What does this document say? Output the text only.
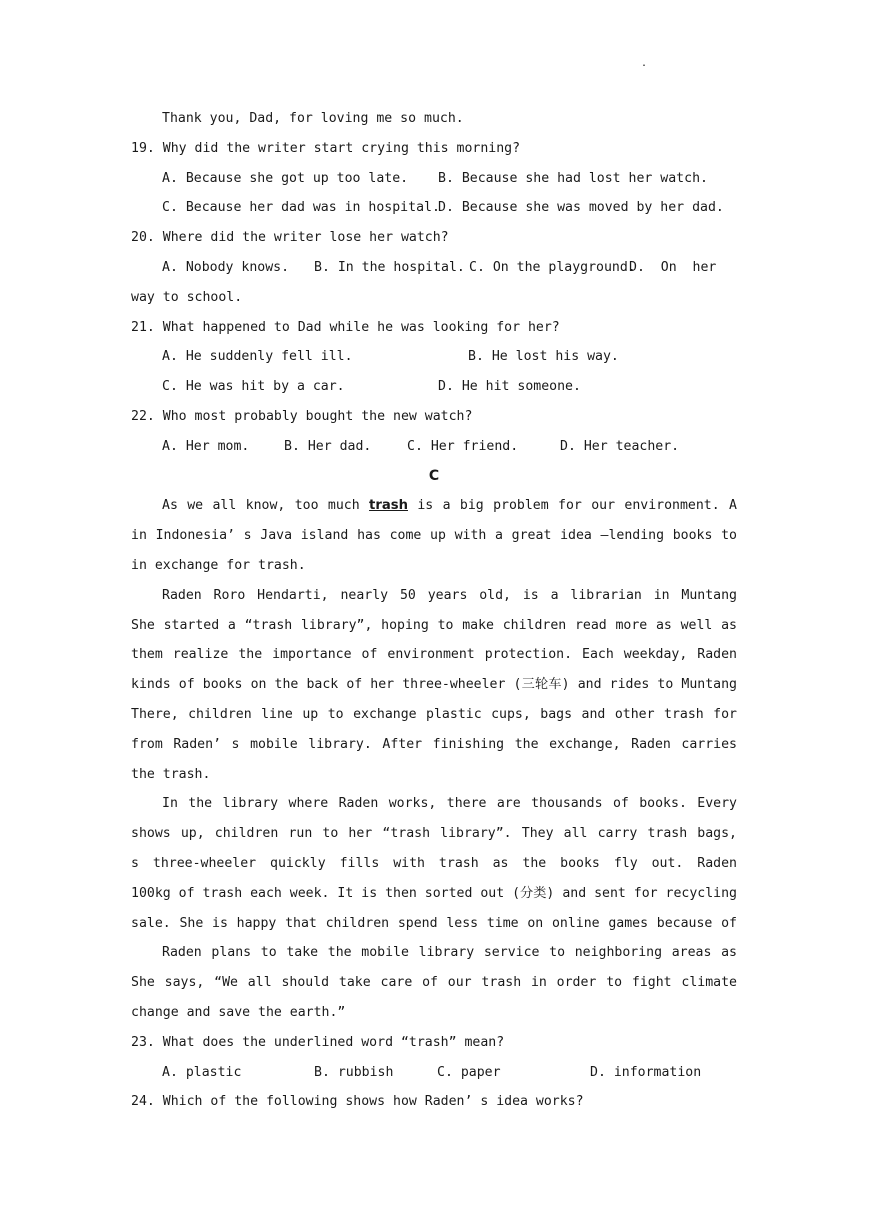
.
Thank you, Dad, for loving me so much.
19. Why did the writer start crying this morning?
A. Because she got up too late.	B. Because she had lost her watch.
C. Because her dad was in hospital.
D. Because she was moved by her dad.
20. Where did the writer lose her watch?
A. Nobody knows.	B. In the hospital. C. On the playground.
D.  On  her
way to school.
21. What happened to Dad while he was looking for her?
A. He suddenly fell ill.	B. He lost his way.
C. He was hit by a car.	D. He hit someone.
22. Who most probably bought the new watch?
A. Her mom.	B. Her dad.	C. Her friend.	D. Her teacher.
C
As we all know, too much trash is a big problem for our environment. A
in Indonesia’ s Java island has come up with a great idea —lending books to
in exchange for trash.
Raden Roro Hendarti, nearly 50 years old, is a librarian in Muntang
She started a “trash library”, hoping to make children read more as well as
them realize the importance of environment protection. Each weekday, Raden
kinds of books on the back of her three-wheeler (三轮车) and rides to Muntang
There, children line up to exchange plastic cups, bags and other trash for
from Raden’ s mobile library. After finishing the exchange, Raden carries
the trash.
In the library where Raden works, there are thousands of books. Every
shows up, children run to her “trash library”. They all carry trash bags,
s three-wheeler quickly fills with trash as the books fly out. Raden
100kg of trash each week. It is then sorted out (分类) and sent for recycling
sale. She is happy that children spend less time on online games because of
Raden plans to take the mobile library service to neighboring areas as
She says, “We all should take care of our trash in order to fight climate
change and save the earth.”
23. What does the underlined word “trash” mean?
A. plastic	B. rubbish	C. paper	D. information
24. Which of the following shows how Raden’ s idea works?
